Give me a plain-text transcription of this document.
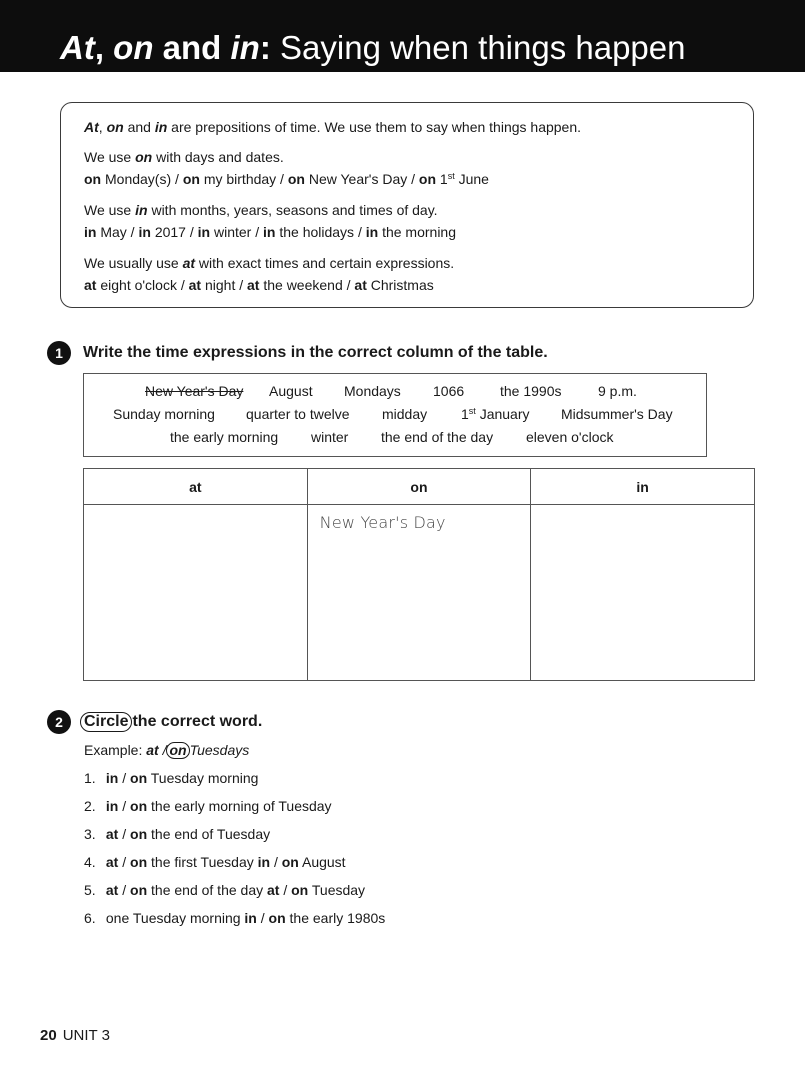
At, on and in: Saying when things happen
At, on and in are prepositions of time. We use them to say when things happen.
We use on with days and dates.
on Monday(s) / on my birthday / on New Year's Day / on 1st June
We use in with months, years, seasons and times of day.
in May / in 2017 / in winter / in the holidays / in the morning
We usually use at with exact times and certain expressions.
at eight o'clock / at night / at the weekend / at Christmas
1	Write the time expressions in the correct column of the table.
New Year's Day August Mondays 1066	the 1990s	9 p.m.
Sunday morning quarter to twelve midday 1st January Midsummer's Day
the early morning winter the end of the day eleven o'clock
at	on	in

	New Year's Day	

2	Circle the correct word.
Example: at / on Tuesdays
1. in / on Tuesday morning
2. in / on the early morning of Tuesday
3. at / on the end of Tuesday
4. at / on the first Tuesday in / on August
5. at / on the end of the day at / on Tuesday
6. one Tuesday morning in / on the early 1980s
20 UNIT 3
